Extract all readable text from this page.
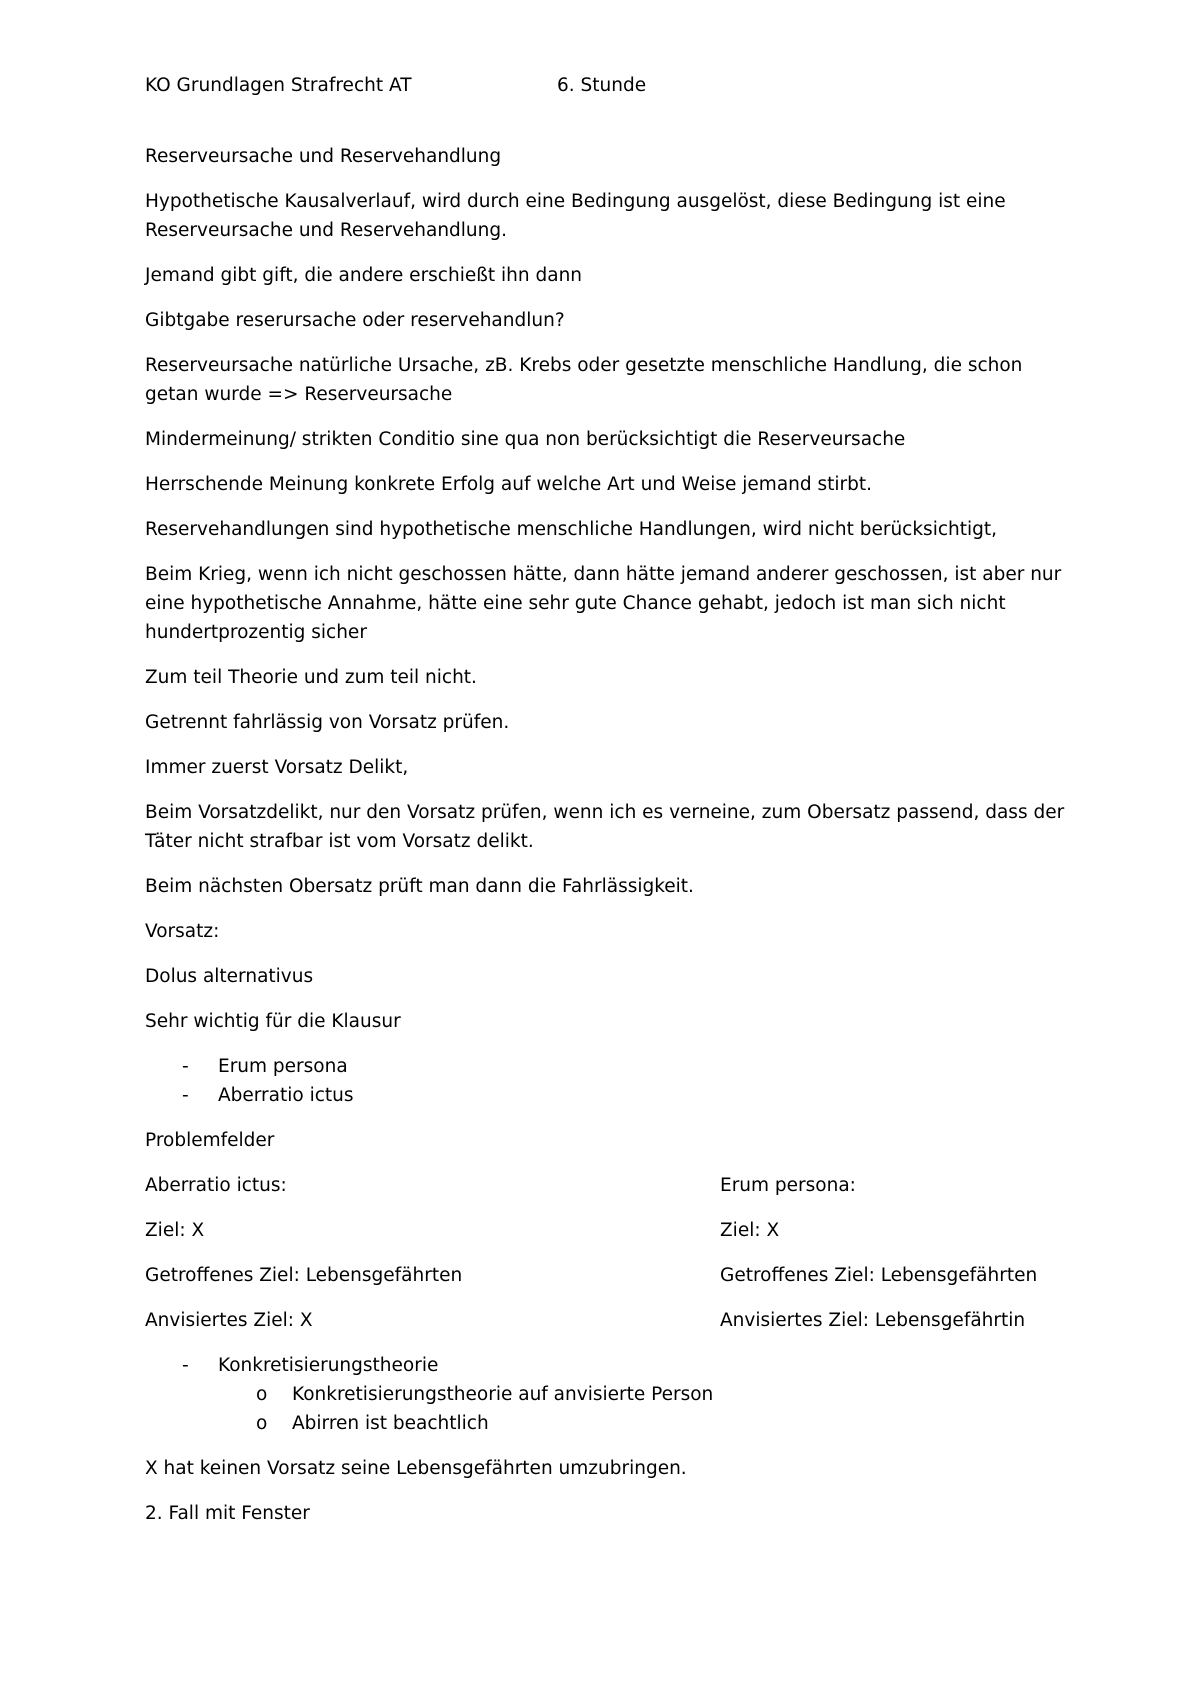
KO Grundlagen Strafrecht AT	6. Stunde

Reserveursache und Reservehandlung

Hypothetische Kausalverlauf, wird durch eine Bedingung ausgelöst, diese Bedingung ist eine Reserveursache und Reservehandlung.

Jemand gibt gift, die andere erschießt ihn dann

Gibtgabe reserursache oder reservehandlun?

Reserveursache natürliche Ursache, zB. Krebs oder gesetzte menschliche Handlung, die schon getan wurde => Reserveursache

Mindermeinung/ strikten Conditio sine qua non berücksichtigt die Reserveursache

Herrschende Meinung konkrete Erfolg auf welche Art und Weise jemand stirbt.

Reservehandlungen sind hypothetische menschliche Handlungen, wird nicht berücksichtigt,

Beim Krieg, wenn ich nicht geschossen hätte, dann hätte jemand anderer geschossen, ist aber nur eine hypothetische Annahme, hätte eine sehr gute Chance gehabt, jedoch ist man sich nicht hundertprozentig sicher

Zum teil Theorie und zum teil nicht.

Getrennt fahrlässig von Vorsatz prüfen.

Immer zuerst Vorsatz Delikt,

Beim Vorsatzdelikt, nur den Vorsatz prüfen, wenn ich es verneine, zum Obersatz passend, dass der Täter nicht strafbar ist vom Vorsatz delikt.

Beim nächsten Obersatz prüft man dann die Fahrlässigkeit.

Vorsatz:

Dolus alternativus

Sehr wichtig für die Klausur

- Erum persona
- Aberratio ictus

Problemfelder

Aberratio ictus:	Erum persona:
Ziel: X	Ziel: X
Getroffenes Ziel: Lebensgefährten	Getroffenes Ziel: Lebensgefährten
Anvisiertes Ziel: X	Anvisiertes Ziel: Lebensgefährtin
- Konkretisierungstheorie
o Konkretisierungstheorie auf anvisierte Person
o Abirren ist beachtlich

X hat keinen Vorsatz seine Lebensgefährten umzubringen.

2. Fall mit Fenster
